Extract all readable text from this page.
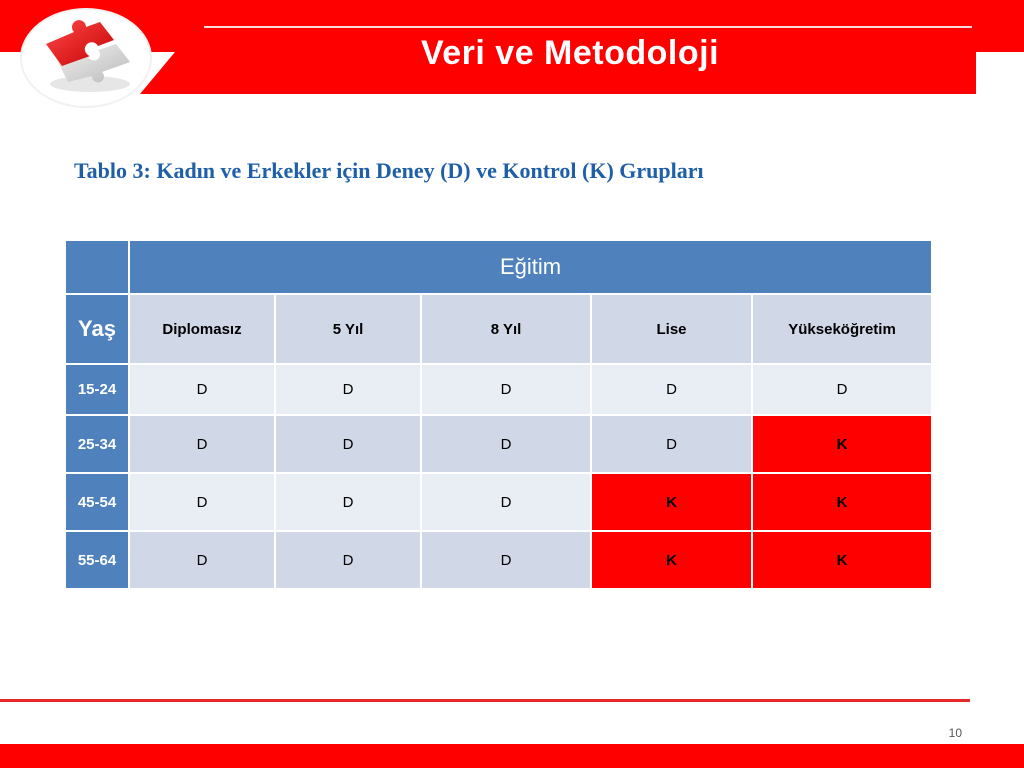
Veri ve Metodoloji
Tablo 3: Kadın ve Erkekler için Deney (D) ve Kontrol (K) Grupları
	Eğitim				
Yaş	Diplomasız	5 Yıl	8 Yıl	Lise	Yükseköğretim
15-24	D	D	D	D	D
25-34	D	D	D	D	K
45-54	D	D	D	K	K
55-64	D	D	D	K	K
10
